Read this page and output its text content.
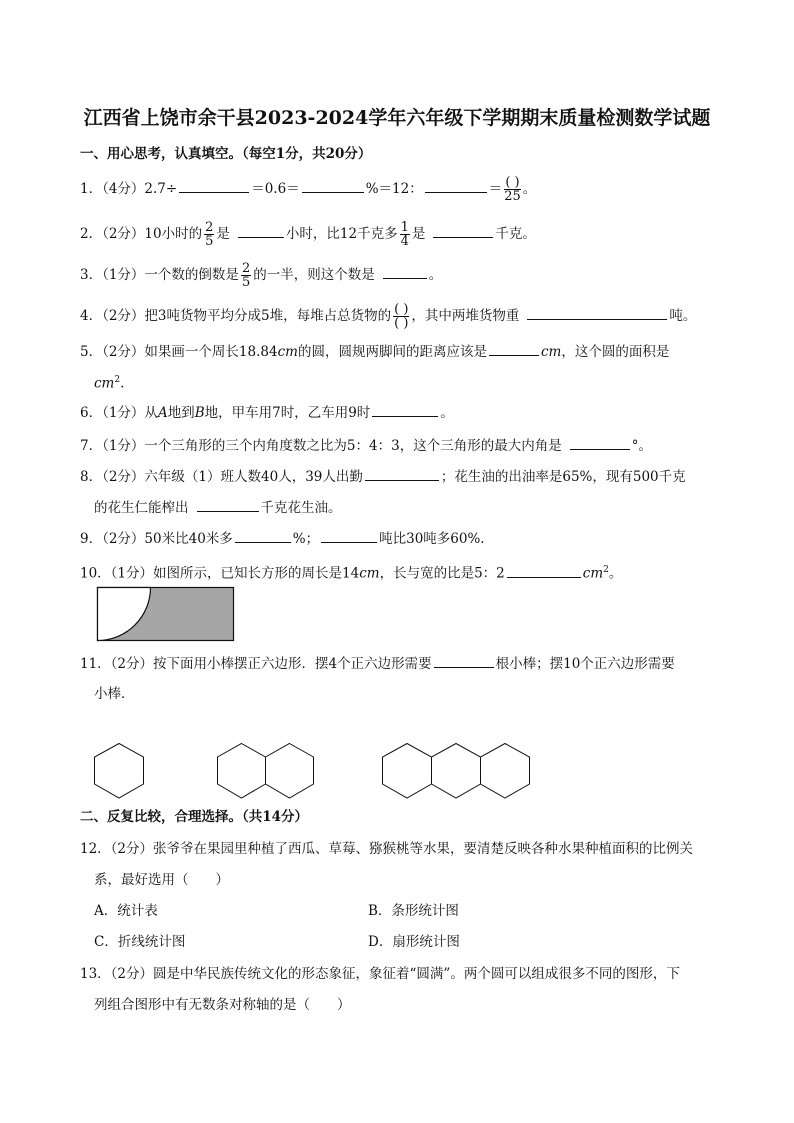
江西省上饶市余干县2023-2024学年六年级下学期期末质量检测数学试题
一、用心思考，认真填空。（每空1分，共20分）
1．（4分）2.7÷	＝0.6＝	%＝12：	＝ $\frac{( )}{25}$ 。
2．（2分）10小时的 $\frac{2}{5}$ 是	小时，比12千克多 $\frac{1}{4}$ 是	千克。
3．（1分）一个数的倒数是 $\frac{2}{5}$ 的一半，则这个数是	。
4．（2分）把3吨货物平均分成5堆，每堆占总货物的 $\frac{( )}{( )}$ ，其中两堆货物重	吨。
5．（2分）如果画一个周长18.84cm的圆，圆规两脚间的距离应该是	cm，这个圆的面积是
$cm^2$.
6．（1分）从A地到B地，甲车用7时，乙车用9时	。
7．（1分）一个三角形的三个内角度数之比为5：4：3，这个三角形的最大内角是	°。
8．（2分）六年级（1）班人数40人，39人出勤	；花生油的出油率是65%，现有500千克
的花生仁能榨出	千克花生油。
9．（2分）50米比40米多	%；	吨比30吨多60%.
10．（1分）如图所示，已知长方形的周长是14cm，长与宽的比是5：2	$cm^2$。
11．（2分）按下面用小棒摆正六边形．摆4个正六边形需要	根小棒；摆10个正六边形需要
小棒．
二、反复比较，合理选择。（共14分）
12．（2分）张爷爷在果园里种植了西瓜、草莓、猕猴桃等水果，要清楚反映各种水果种植面积的比例关
系，最好选用（　　）
A．统计表	B．条形统计图
C．折线统计图	D．扇形统计图
13．（2分）圆是中华民族传统文化的形态象征，象征着“圆满”。两个圆可以组成很多不同的图形，下
列组合图形中有无数条对称轴的是（　　）
